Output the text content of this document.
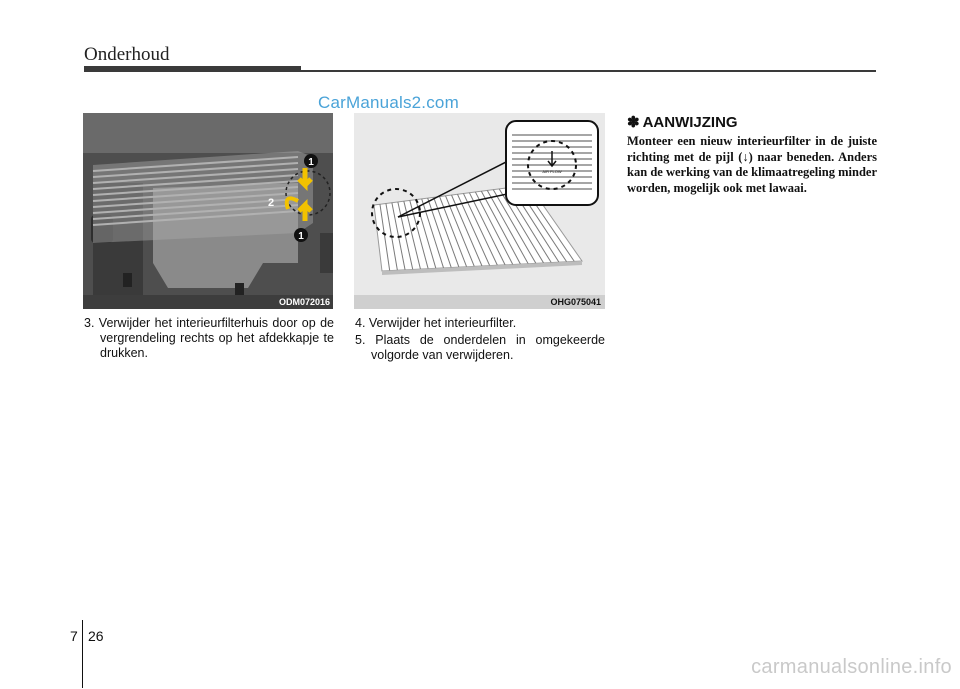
Onderhoud
CarManuals2.com
1
2
1
ODM072016
AIR FLOW
OHG075041

3. Verwijder het interieurfilterhuis door op de vergrendeling rechts op het afdekkapje te drukken.

4. Verwijder het interieurfilter.

5. Plaats de onderdelen in omgekeerde volgorde van verwijderen.

✽ AANWIJZING
Monteer een nieuw interieurfilter in de juiste richting met de pijl (↓) naar beneden. Anders kan de werking van de klimaatregeling minder worden, mogelijk ook met lawaai.
7 26
carmanualsonline.info
